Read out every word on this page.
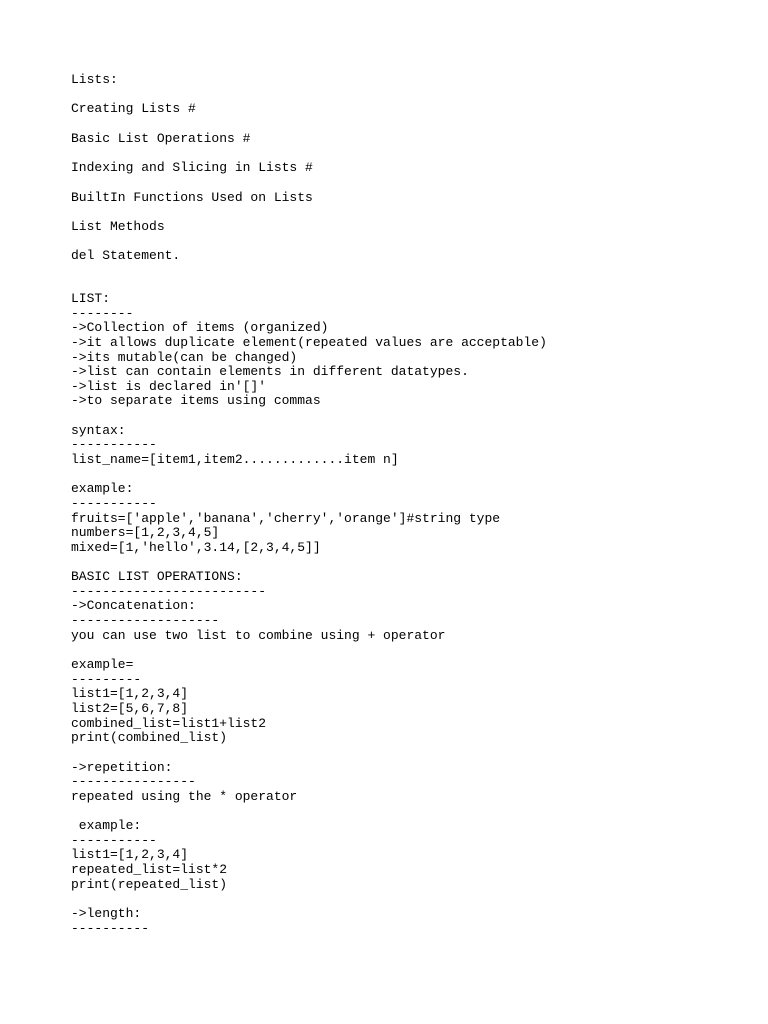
Lists:
Creating Lists #
Basic List Operations #
Indexing and Slicing in Lists #
BuiltIn Functions Used on Lists
List Methods
del Statement.
LIST:
--------
->Collection of items (organized)
->it allows duplicate element(repeated values are acceptable)
->its mutable(can be changed)
->list can contain elements in different datatypes.
->list is declared in'[]'
->to separate items using commas
syntax:
-----------
list_name=[item1,item2.............item n]
example:
-----------
fruits=['apple','banana','cherry','orange']#string type
numbers=[1,2,3,4,5]
mixed=[1,'hello',3.14,[2,3,4,5]]
BASIC LIST OPERATIONS:
-------------------------
->Concatenation:
-------------------
you can use two list to combine using + operator
example=
---------
list1=[1,2,3,4]
list2=[5,6,7,8]
combined_list=list1+list2
print(combined_list)
->repetition:
----------------
repeated using the * operator
example:
-----------
list1=[1,2,3,4]
repeated_list=list*2
print(repeated_list)
->length:
----------
